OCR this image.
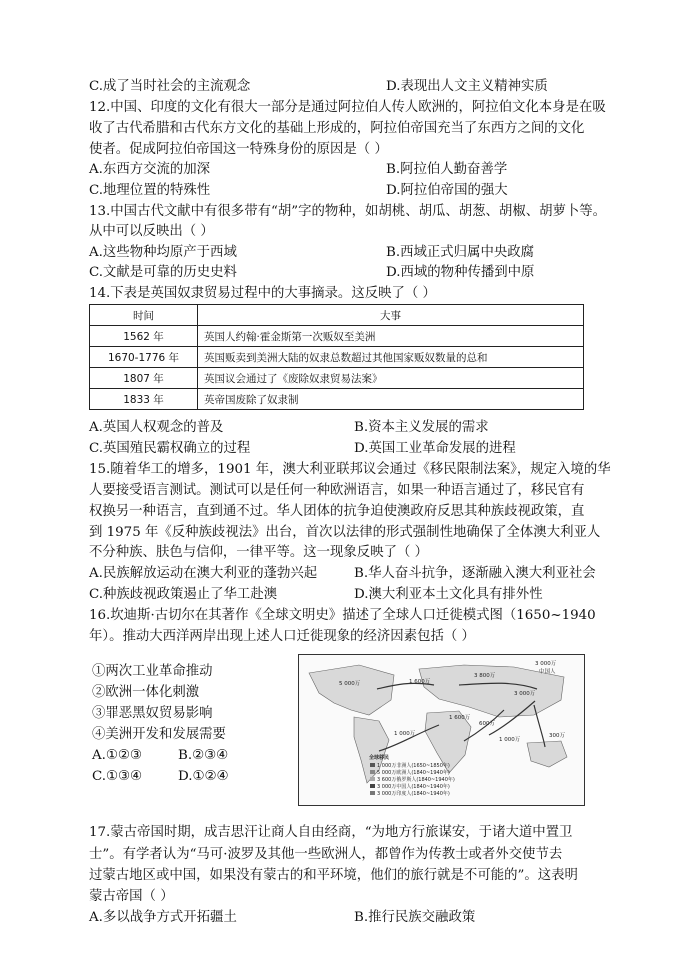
C.成了当时社会的主流观念	D.表现出人文主义精神实质
12.中国、印度的文化有很大一部分是通过阿拉伯人传人欧洲的，阿拉伯文化本身是在吸
收了古代希腊和古代东方文化的基础上形成的，阿拉伯帝国充当了东西方之间的文化
使者。促成阿拉伯帝国这一特殊身份的原因是（ ）
A.东西方交流的加深	B.阿拉伯人勤奋善学
C.地理位置的特殊性	D.阿拉伯帝国的强大
13.中国古代文献中有很多带有“胡”字的物种，如胡桃、胡瓜、胡葱、胡椒、胡萝卜等。
从中可以反映出（ ）
A.这些物种均原产于西域	B.西域正式归属中央政腐
C.文献是可靠的历史史料	D.西域的物种传播到中原
14.下表是英国奴隶贸易过程中的大事摘录。这反映了（ ）
时间	大事
1562 年	英国人约翰·霍金斯第一次贩奴至美洲
1670-1776 年	英国贩卖到美洲大陆的奴隶总数超过其他国家贩奴数量的总和
1807 年	英国议会通过了《废除奴隶贸易法案》
1833 年	英帝国废除了奴隶制
A.英国人权观念的普及	B.资本主义发展的需求
C.英国殖民霸权确立的过程	D.英国工业革命发展的进程
15.随着华工的增多，1901 年，澳大利亚联邦议会通过《移民限制法案》，规定入境的华
人要接受语言测试。测试可以是任何一种欧洲语言，如果一种语言通过了，移民官有
权换另一种语言，直到通不过。华人团体的抗争迫使澳政府反思其种族歧视政策，直
到 1975 年《反种族歧视法》出台，首次以法律的形式强制性地确保了全体澳大利亚人
不分种族、肤色与信仰，一律平等。这一现象反映了（ ）
A.民族解放运动在澳大利亚的蓬勃兴起	B.华人奋斗抗争，逐渐融入澳大利亚社会
C.种族歧视政策遏止了华工赴澳	D.澳大利亚本土文化具有排外性
16.坎迪斯·古切尔在其著作《全球文明史》描述了全球人口迁徙模式图（1650~1940
年）。推动大西洋两岸出现上述人口迁徙现象的经济因素包括（ ）
①两次工业革命推动
②欧洲一体化刺激
③罪恶黑奴贸易影响
④美洲开发和发展需要
A.①②③	B.②③④
C.①③④	D.①②④
中国人
3 000万
3 800万
1 600万
5 000万
1 000万
3 000万
1 600万
600万
1 000万
300万
全球移民
1 000万非洲人(1650~1850年)
5 000万欧洲人(1840~1940年)
3 600万俄罗斯人(1840~1940年)
3 000万中国人(1840~1940年)
3 000万印度人(1840~1940年)
17.蒙古帝国时期，成吉思汗让商人自由经商，“为地方行旅谋安，于诸大道中置卫
士”。有学者认为“马可·波罗及其他一些欧洲人，都曾作为传教士或者外交使节去
过蒙古地区或中国，如果没有蒙古的和平环境，他们的旅行就是不可能的”。这表明
蒙古帝国（ ）
A.多以战争方式开拓疆土	B.推行民族交融政策
